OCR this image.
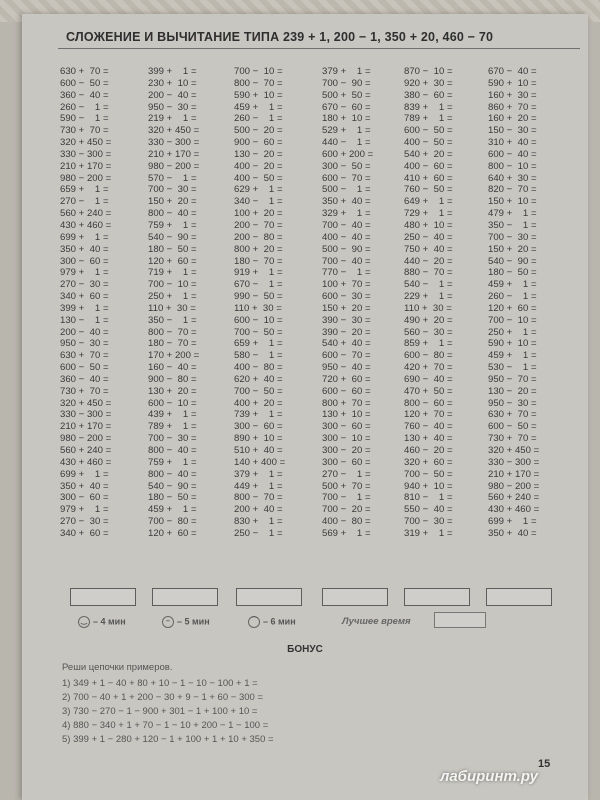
СЛОЖЕНИЕ И ВЫЧИТАНИЕ ТИПА 239 + 1, 200 − 1, 350 + 20, 460 − 70
630 +  70 =
600 −  50 =
360 −  40 =
260 −    1 =
590 −    1 =
730 +  70 =
320 + 450 =
330 − 300 =
210 + 170 =
980 − 200 =
659 +    1 =
270 −    1 =
560 + 240 =
430 + 460 =
699 +    1 =
350 +  40 =
300 −  60 =
979 +    1 =
270 −  30 =
340 +  60 =
399 +    1 =
130 −    1 =
200 −  40 =
950 −  30 =
630 +  70 =
600 −  50 =
360 −  40 =
730 +  70 =
320 + 450 =
330 − 300 =
210 + 170 =
980 − 200 =
560 + 240 =
430 + 460 =
699 +    1 =
350 +  40 =
300 −  60 =
979 +    1 =
270 −  30 =
340 +  60 =
399 +    1 =
230 +  10 =
200 −  40 =
950 −  30 =
219 +    1 =
320 + 450 =
330 − 300 =
210 + 170 =
980 − 200 =
570 −    1 =
700 −  30 =
150 +  20 =
800 −  40 =
759 +    1 =
540 −  90 =
180 −  50 =
120 +  60 =
719 +    1 =
700 −  10 =
250 +    1 =
110 +  30 =
350 −    1 =
800 −  70 =
180 −  70 =
170 + 200 =
160 −  40 =
900 −  80 =
130 +  20 =
600 −  10 =
439 +    1 =
789 +    1 =
700 −  30 =
800 −  40 =
759 +    1 =
800 −  40 =
540 −  90 =
180 −  50 =
459 +    1 =
700 −  80 =
120 +  60 =
700 −  10 =
800 −  70 =
590 +  10 =
459 +    1 =
260 −    1 =
500 −  20 =
900 −  60 =
130 −  20 =
400 −  20 =
400 −  50 =
629 +    1 =
340 −    1 =
100 +  20 =
200 −  70 =
200 −  80 =
800 +  20 =
180 −  70 =
919 +    1 =
670 −    1 =
990 −  50 =
110 +  30 =
600 −  10 =
700 −  50 =
659 +    1 =
580 −    1 =
400 −  80 =
620 +  40 =
700 −  50 =
400 +  20 =
739 +    1 =
300 −  60 =
890 +  10 =
510 +  40 =
140 + 400 =
379 +    1 =
449 +    1 =
800 −  70 =
200 +  40 =
830 +    1 =
250 −    1 =
379 +    1 =
700 −  90 =
500 +  50 =
670 −  60 =
180 +  10 =
529 +    1 =
440 −    1 =
600 + 200 =
300 −  50 =
600 −  70 =
500 −    1 =
350 +  40 =
329 +    1 =
700 −  40 =
400 −  40 =
500 −  90 =
700 −  40 =
770 −    1 =
100 +  70 =
600 −  30 =
150 +  20 =
390 −  30 =
390 −  20 =
540 +  40 =
600 −  70 =
950 −  40 =
720 +  60 =
600 −  60 =
800 +  70 =
130 +  10 =
300 −  60 =
300 −  10 =
300 −  20 =
300 −  60 =
270 −    1 =
500 +  70 =
700 −    1 =
700 −  20 =
400 −  80 =
569 +    1 =
870 −  10 =
920 +  30 =
380 −  60 =
839 +    1 =
789 +    1 =
600 −  50 =
400 −  50 =
540 +  20 =
400 −  60 =
410 +  60 =
760 −  50 =
649 +    1 =
729 +    1 =
480 +  10 =
250 −  40 =
750 +  40 =
440 −  20 =
880 −  70 =
540 −    1 =
229 +    1 =
110 +  30 =
490 +  20 =
560 −  30 =
859 +    1 =
600 −  80 =
420 +  70 =
690 −  40 =
470 +  50 =
800 −  60 =
120 +  70 =
760 −  40 =
130 +  40 =
460 −  20 =
320 +  60 =
700 −  50 =
940 +  10 =
810 −    1 =
550 −  40 =
700 −  30 =
319 +    1 =
670 −  40 =
590 +  10 =
160 +  30 =
860 +  70 =
160 +  20 =
150 −  30 =
310 +  40 =
600 −  40 =
800 −  10 =
640 +  30 =
820 −  70 =
150 +  10 =
479 +    1 =
350 −    1 =
700 −  30 =
150 +  20 =
540 −  90 =
180 −  50 =
459 +    1 =
260 −    1 =
120 +  60 =
700 −  10 =
250 +    1 =
590 +  10 =
459 +    1 =
530 −    1 =
950 −  70 =
130 −  20 =
950 −  30 =
630 +  70 =
600 −  50 =
730 +  70 =
320 + 450 =
330 − 300 =
210 + 170 =
980 − 200 =
560 + 240 =
430 + 460 =
699 +    1 =
350 +  40 =
‿ – 4 мин	– – 5 мин	⁀ – 6 мин	Лучшее время
БОНУС
Реши цепочки примеров.
1) 349 + 1 − 40 + 80 + 10 − 1 − 10 − 100 + 1 =
2) 700 − 40 + 1 + 200 − 30 + 9 − 1 + 60 − 300 =
3) 730 − 270 − 1 − 900 + 301 − 1 + 100 + 10 =
4) 880 − 340 + 1 + 70 − 1 − 10 + 200 − 1 − 100 =
5) 399 + 1 − 280 + 120 − 1 + 100 + 1 + 10 + 350 =
15
лабиринт.ру
